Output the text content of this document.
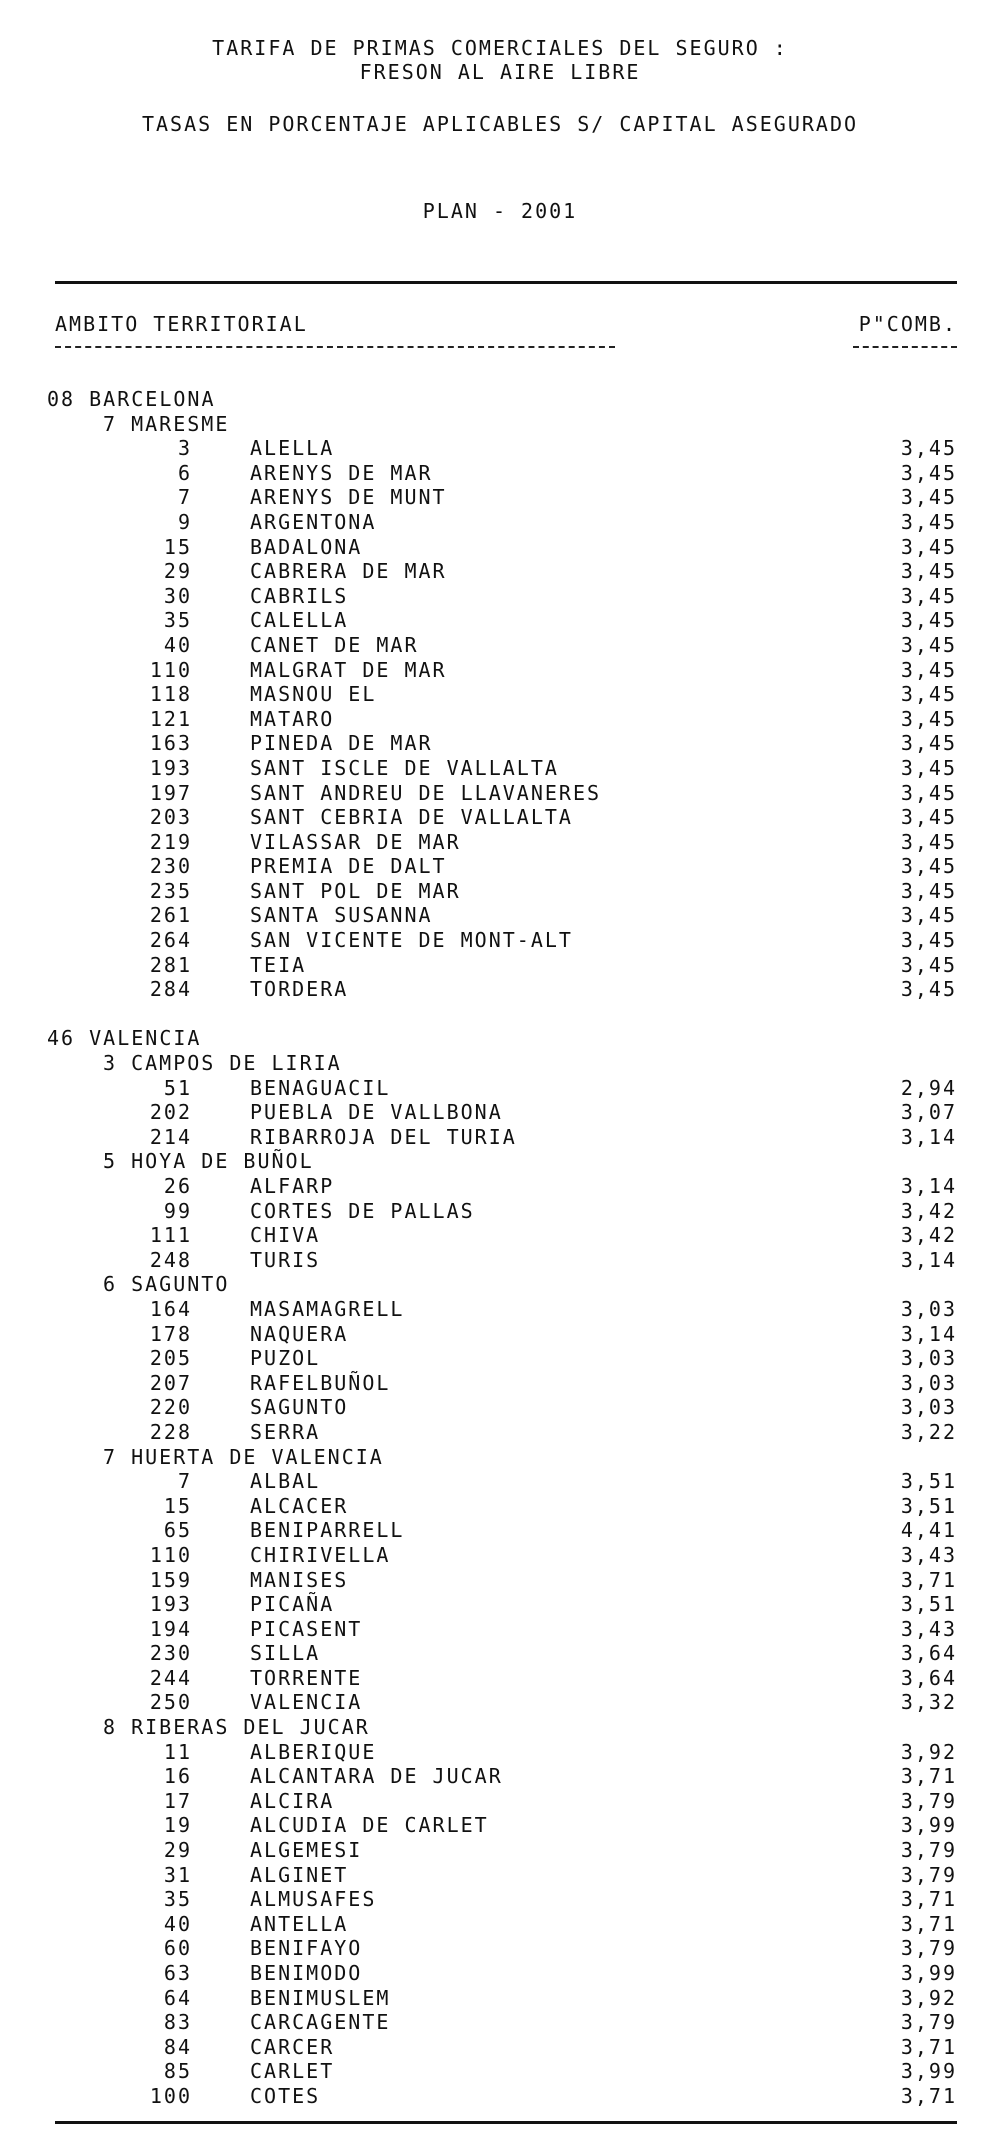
TARIFA DE PRIMAS COMERCIALES DEL SEGURO :
FRESON AL AIRE LIBRE
TASAS EN PORCENTAJE APLICABLES S/ CAPITAL ASEGURADO
PLAN - 2001
AMBITO TERRITORIAL	P"COMB.
08 BARCELONA
7 MARESME
3	ALELLA	3,45
6	ARENYS DE MAR	3,45
7	ARENYS DE MUNT	3,45
9	ARGENTONA	3,45
15	BADALONA	3,45
29	CABRERA DE MAR	3,45
30	CABRILS	3,45
35	CALELLA	3,45
40	CANET DE MAR	3,45
110	MALGRAT DE MAR	3,45
118	MASNOU EL	3,45
121	MATARO	3,45
163	PINEDA DE MAR	3,45
193	SANT ISCLE DE VALLALTA	3,45
197	SANT ANDREU DE LLAVANERES	3,45
203	SANT CEBRIA DE VALLALTA	3,45
219	VILASSAR DE MAR	3,45
230	PREMIA DE DALT	3,45
235	SANT POL DE MAR	3,45
261	SANTA SUSANNA	3,45
264	SAN VICENTE DE MONT-ALT	3,45
281	TEIA	3,45
284	TORDERA	3,45
46 VALENCIA
3 CAMPOS DE LIRIA
51	BENAGUACIL	2,94
202	PUEBLA DE VALLBONA	3,07
214	RIBARROJA DEL TURIA	3,14
5 HOYA DE BUÑOL
26	ALFARP	3,14
99	CORTES DE PALLAS	3,42
111	CHIVA	3,42
248	TURIS	3,14
6 SAGUNTO
164	MASAMAGRELL	3,03
178	NAQUERA	3,14
205	PUZOL	3,03
207	RAFELBUÑOL	3,03
220	SAGUNTO	3,03
228	SERRA	3,22
7 HUERTA DE VALENCIA
7	ALBAL	3,51
15	ALCACER	3,51
65	BENIPARRELL	4,41
110	CHIRIVELLA	3,43
159	MANISES	3,71
193	PICAÑA	3,51
194	PICASENT	3,43
230	SILLA	3,64
244	TORRENTE	3,64
250	VALENCIA	3,32
8 RIBERAS DEL JUCAR
11	ALBERIQUE	3,92
16	ALCANTARA DE JUCAR	3,71
17	ALCIRA	3,79
19	ALCUDIA DE CARLET	3,99
29	ALGEMESI	3,79
31	ALGINET	3,79
35	ALMUSAFES	3,71
40	ANTELLA	3,71
60	BENIFAYO	3,79
63	BENIMODO	3,99
64	BENIMUSLEM	3,92
83	CARCAGENTE	3,79
84	CARCER	3,71
85	CARLET	3,99
100	COTES	3,71
